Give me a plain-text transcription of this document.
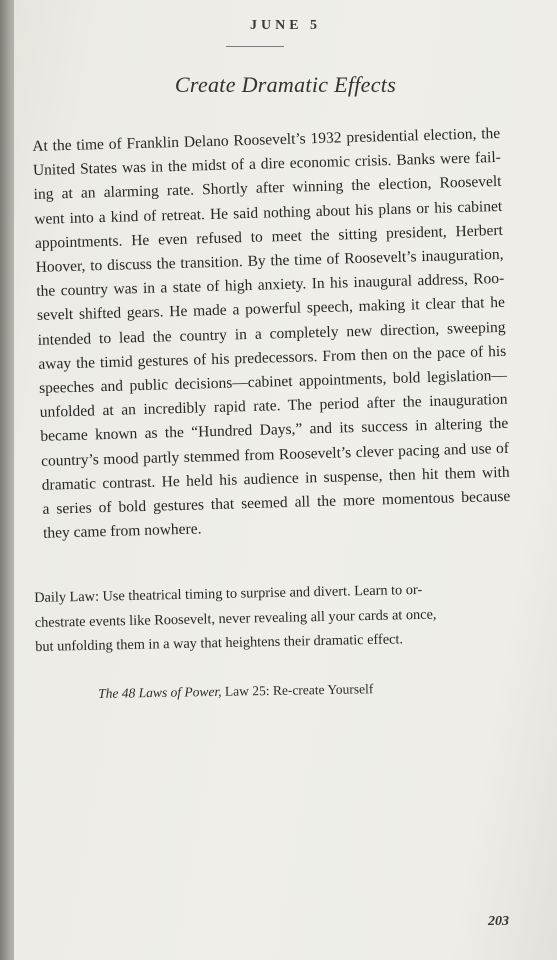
JUNE 5
Create Dramatic Effects
At the time of Franklin Delano Roosevelt’s 1932 presidential election, the
United States was in the midst of a dire economic crisis. Banks were fail-
ing at an alarming rate. Shortly after winning the election, Roosevelt
went into a kind of retreat. He said nothing about his plans or his cabinet
appointments. He even refused to meet the sitting president, Herbert
Hoover, to discuss the transition. By the time of Roosevelt’s inauguration,
the country was in a state of high anxiety. In his inaugural address, Roo-
sevelt shifted gears. He made a powerful speech, making it clear that he
intended to lead the country in a completely new direction, sweeping
away the timid gestures of his predecessors. From then on the pace of his
speeches and public decisions—cabinet appointments, bold legislation—
unfolded at an incredibly rapid rate. The period after the inauguration
became known as the “Hundred Days,” and its success in altering the
country’s mood partly stemmed from Roosevelt’s clever pacing and use of
dramatic contrast. He held his audience in suspense, then hit them with
a series of bold gestures that seemed all the more momentous because
they came from nowhere.
Daily Law: Use theatrical timing to surprise and divert. Learn to or-
chestrate events like Roosevelt, never revealing all your cards at once,
but unfolding them in a way that heightens their dramatic effect.
The 48 Laws of Power, Law 25: Re-create Yourself
203
